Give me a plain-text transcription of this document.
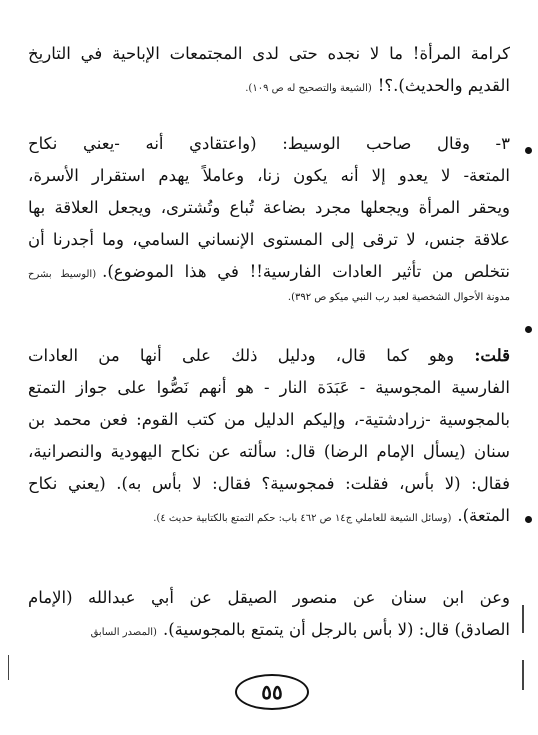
كرامة المرأة! ما لا نجده حتى لدى المجتمعات الإباحية في التاريخ
القديم والحديث).؟!(الشيعة والتصحيح له ص ١٠٩).
٣- وقال صاحب الوسيط: (واعتقادي أنه -يعني نكاح
المتعة- لا يعدو إلا أنه يكون زنا، وعاملاً يهدم استقرار الأسرة،
ويحقر المرأة ويجعلها مجرد بضاعة تُباع وتُشترى، ويجعل العلاقة بها
علاقة جنس، لا ترقى إلى المستوى الإنساني السامي، وما أجدرنا أن
نتخلص من تأثير العادات الفارسية!! في هذا الموضوع).(الوسيط بشرح
مدونة الأحوال الشخصية لعبد رب النبي ميكو ص ٣٩٢).
قلت: وهو كما قال، ودليل ذلك على أنها من العادات
الفارسية المجوسية - عَبَدَة النار - هو أنهم نَصُّوا على جواز التمتع
بالمجوسية -زرادشتية-، وإليكم الدليل من كتب القوم: فعن محمد بن
سنان (يسأل الإمام الرضا) قال: سألته عن نكاح اليهودية والنصرانية،
فقال: (لا بأس، فقلت: فمجوسية؟ فقال: لا بأس به). (يعني نكاح
المتعة).(وسائل الشيعة للعاملي ج١٤ ص ٤٦٢ باب: حكم التمتع بالكتابية حديث ٤).
وعن ابن سنان عن منصور الصيقل عن أبي عبدالله (الإمام
الصادق) قال: (لا بأس بالرجل أن يتمتع بالمجوسية).(المصدر السابق
٥٥
